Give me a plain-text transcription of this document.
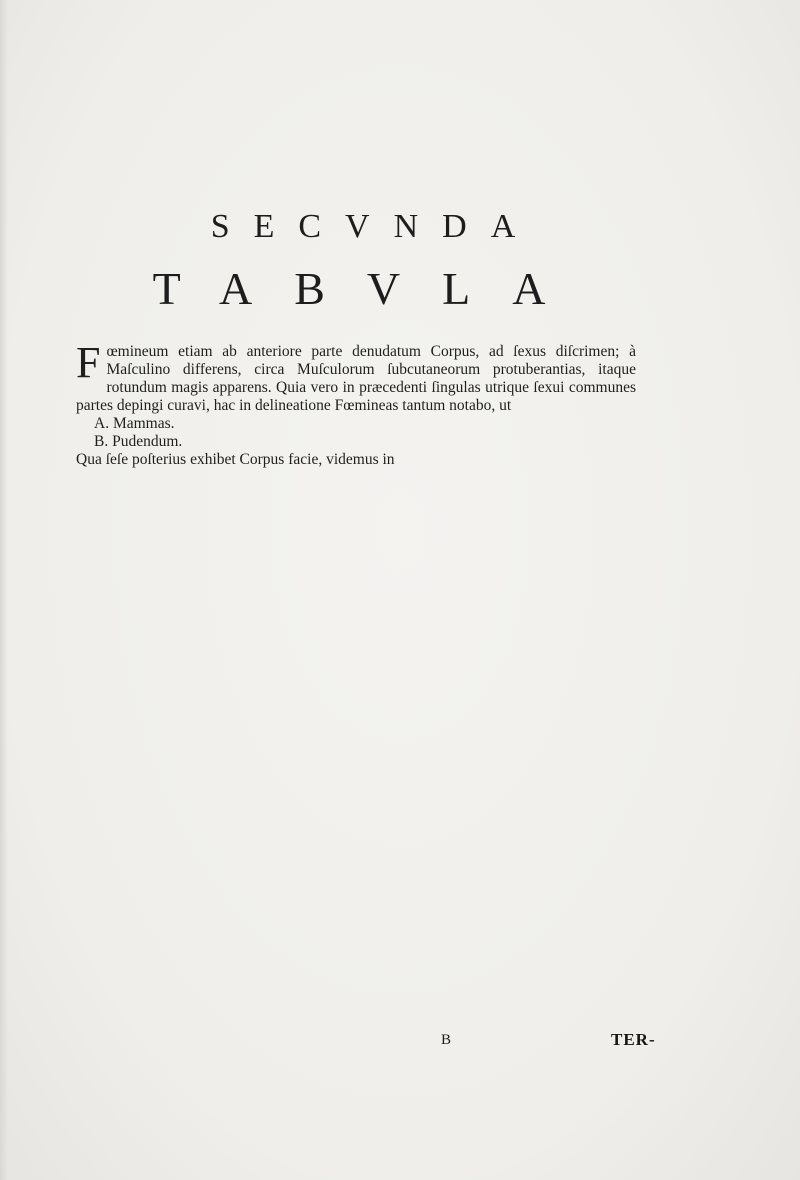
SECVNDA
TABVLA

Fœmineum etiam ab anteriore parte denudatum Corpus, ad ſexus diſcrimen; à Maſculino differens, circa Muſculorum ſubcutaneorum protuberantias, itaque rotundum magis apparens. Quia vero in præcedenti ſingulas utrique ſexui communes partes depingi curavi, hac in delineatione Fœmineas tantum notabo, ut

A. Mammas.
B. Pudendum.

Qua ſeſe poſterius exhibet Corpus facie, videmus in

B	TER-
